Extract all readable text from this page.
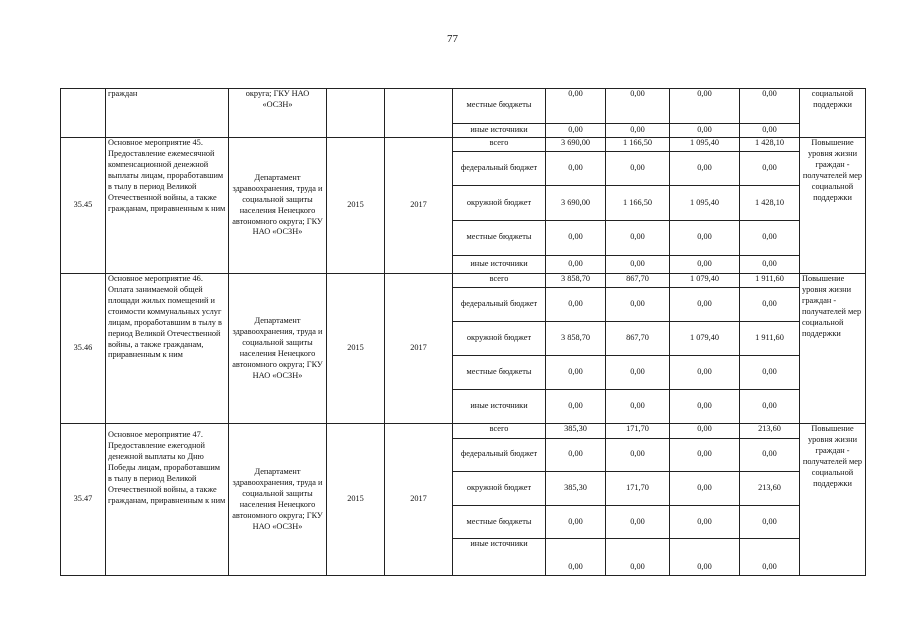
77
	граждан	округа; ГКУ НАО «ОСЗН»			местные бюджеты	0,00	0,00	0,00	0,00	социальной поддержки
					иные источники	0,00	0,00	0,00	0,00	
35.45	Основное мероприятие 45. Предоставление ежемесячной компенсационной денежной выплаты лицам, проработавшим в тылу в период Великой Отечественной войны, а также гражданам, приравненным к ним	Департамент здравоохранения, труда и социальной защиты населения Ненецкого автономного округа; ГКУ НАО «ОСЗН»	2015	2017	всего	3 690,00	1 166,50	1 095,40	1 428,10	Повышение уровня жизни граждан - получателей мер социальной поддержки
					федеральный бюджет	0,00	0,00	0,00	0,00	
					окружной бюджет	3 690,00	1 166,50	1 095,40	1 428,10	
					местные бюджеты	0,00	0,00	0,00	0,00	
					иные источники	0,00	0,00	0,00	0,00	
35.46	Основное мероприятие 46. Оплата занимаемой общей площади жилых помещений и стоимости коммунальных услуг лицам, проработавшим в тылу в период Великой Отечественной войны, а также гражданам, приравненным к ним	Департамент здравоохранения, труда и социальной защиты населения Ненецкого автономного округа; ГКУ НАО «ОСЗН»	2015	2017	всего	3 858,70	867,70	1 079,40	1 911,60	Повышение уровня жизни граждан - получателей мер социальной поддержки
					федеральный бюджет	0,00	0,00	0,00	0,00	
					окружной бюджет	3 858,70	867,70	1 079,40	1 911,60	
					местные бюджеты	0,00	0,00	0,00	0,00	
					иные источники	0,00	0,00	0,00	0,00	
35.47	Основное мероприятие 47. Предоставление ежегодной денежной выплаты ко Дню Победы лицам, проработавшим в тылу в период Великой Отечественной войны, а также гражданам, приравненным к ним	Департамент здравоохранения, труда и социальной защиты населения Ненецкого автономного округа; ГКУ НАО «ОСЗН»	2015	2017	всего	385,30	171,70	0,00	213,60	Повышение уровня жизни граждан - получателей мер социальной поддержки
					федеральный бюджет	0,00	0,00	0,00	0,00	
					окружной бюджет	385,30	171,70	0,00	213,60	
					местные бюджеты	0,00	0,00	0,00	0,00	
					иные источники	0,00	0,00	0,00	0,00	
